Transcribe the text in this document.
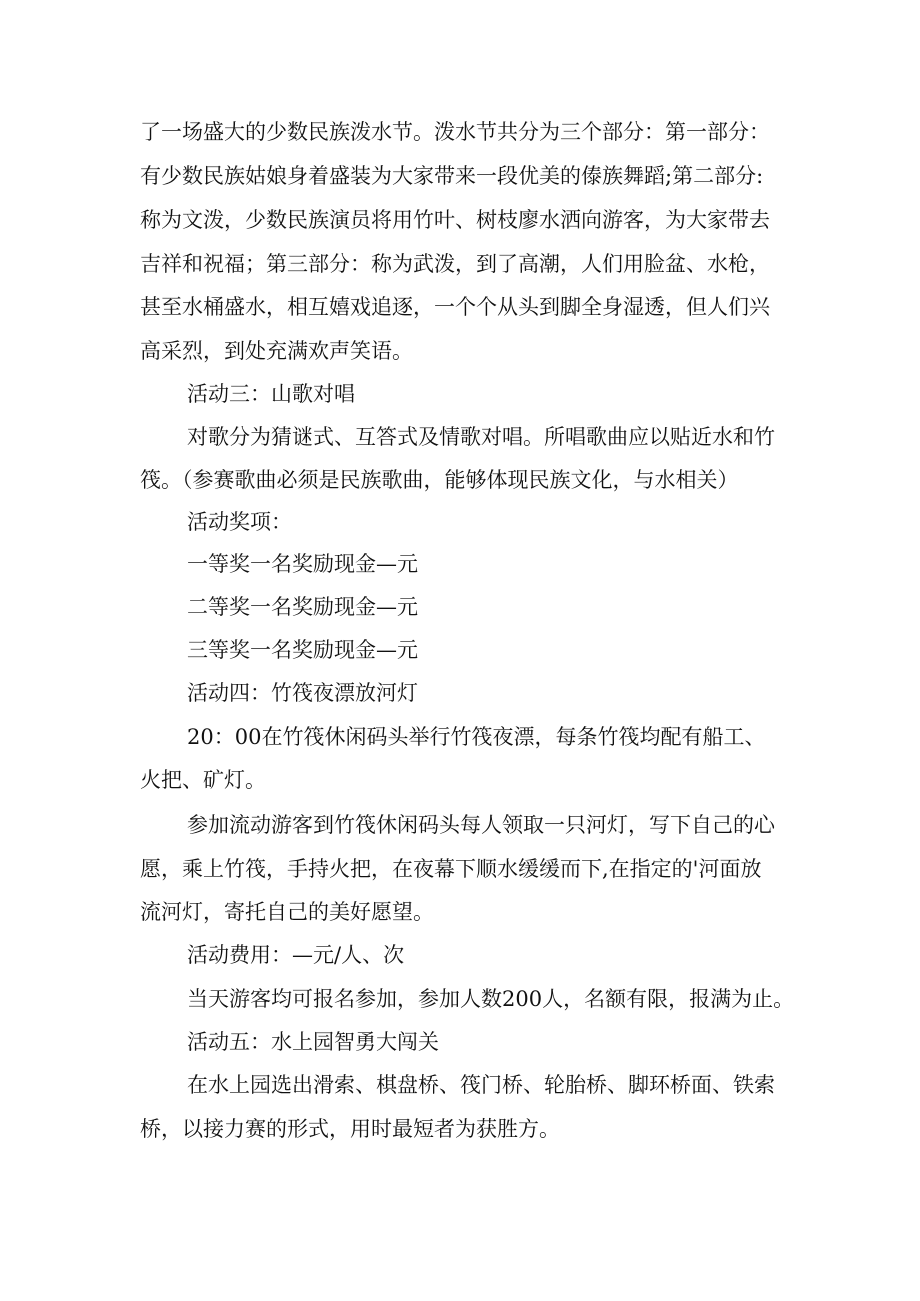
了一场盛大的少数民族泼水节。泼水节共分为三个部分：第一部分：
有少数民族姑娘身着盛装为大家带来一段优美的傣族舞蹈;第二部分:
称为文泼，少数民族演员将用竹叶、树枝廖水洒向游客，为大家带去
吉祥和祝福；第三部分：称为武泼，到了高潮，人们用脸盆、水枪，
甚至水桶盛水，相互嬉戏追逐，一个个从头到脚全身湿透，但人们兴
高采烈，到处充满欢声笑语。
活动三：山歌对唱
对歌分为猜谜式、互答式及情歌对唱。所唱歌曲应以贴近水和竹
筏。（参赛歌曲必须是民族歌曲，能够体现民族文化，与水相关）
活动奖项：
一等奖一名奖励现金—元
二等奖一名奖励现金—元
三等奖一名奖励现金—元
活动四：竹筏夜漂放河灯
20：00在竹筏休闲码头举行竹筏夜漂，每条竹筏均配有船工、
火把、矿灯。
参加流动游客到竹筏休闲码头每人领取一只河灯，写下自己的心
愿，乘上竹筏，手持火把，在夜幕下顺水缓缓而下,在指定的'河面放
流河灯，寄托自己的美好愿望。
活动费用：—元/人、次
当天游客均可报名参加，参加人数200人，名额有限，报满为止。
活动五：水上园智勇大闯关
在水上园选出滑索、棋盘桥、筏门桥、轮胎桥、脚环桥面、铁索
桥，以接力赛的形式，用时最短者为获胜方。
